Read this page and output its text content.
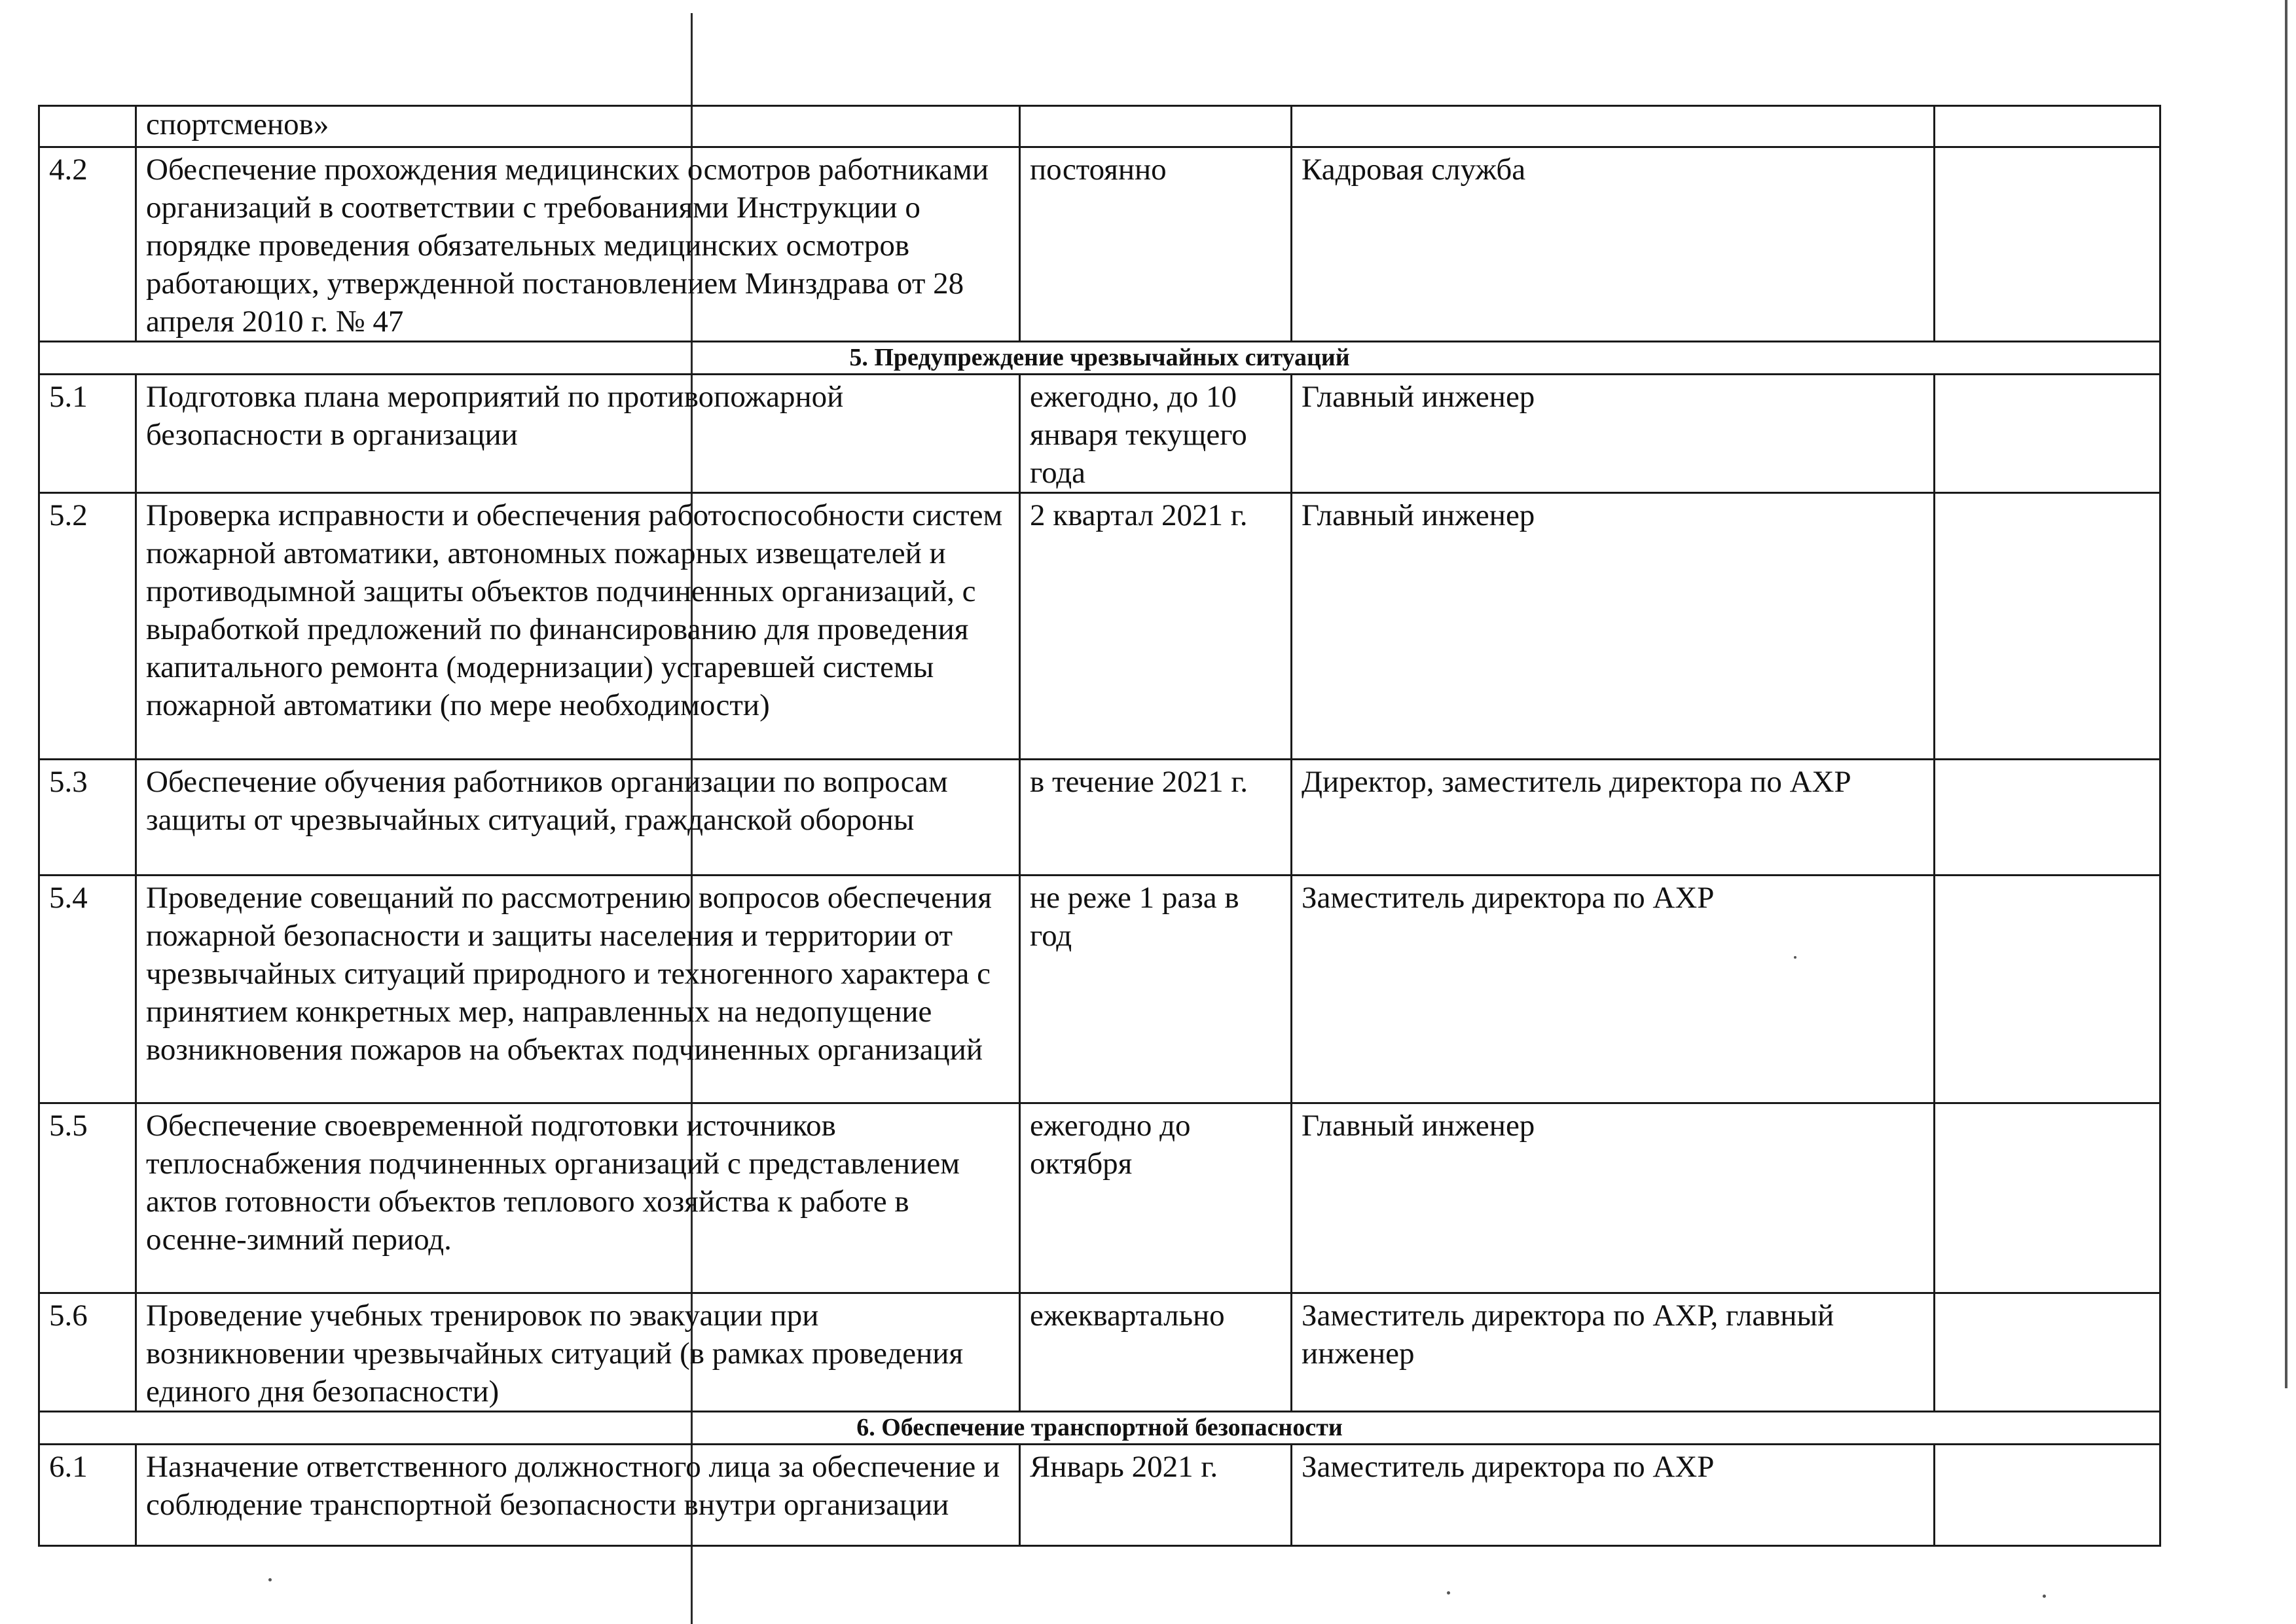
	спортсменов»			
4.2	Обеспечение прохождения медицинских осмотров работниками организаций в соответствии с требованиями Инструкции о порядке проведения обязательных медицинских осмотров работающих, утвержденной постановлением Минздрава от 28 апреля 2010 г. № 47	постоянно	Кадровая служба	
5. Предупреждение чрезвычайных ситуаций				
5.1	Подготовка плана мероприятий по противопожарной безопасности в организации	ежегодно, до 10 января текущего года	Главный инженер	
5.2	Проверка исправности и обеспечения работоспособности систем пожарной автоматики, автономных пожарных извещателей и противодымной защиты объектов подчиненных организаций, с выработкой предложений по финансированию для проведения капитального ремонта (модернизации) устаревшей системы пожарной автоматики (по мере необходимости)	2 квартал 2021 г.	Главный инженер	
5.3	Обеспечение обучения работников организации по вопросам защиты от чрезвычайных ситуаций, гражданской обороны	в течение 2021 г.	Директор, заместитель директора по АХР	
5.4	Проведение совещаний по рассмотрению вопросов обеспечения пожарной безопасности и защиты населения и территории от чрезвычайных ситуаций природного и техногенного характера с принятием конкретных мер, направленных на недопущение возникновения пожаров на объектах подчиненных организаций	не реже 1 раза в год	Заместитель директора по АХР	
5.5	Обеспечение своевременной подготовки источников теплоснабжения подчиненных организаций с представлением актов готовности объектов теплового хозяйства к работе в осенне-зимний период.	ежегодно до октября	Главный инженер	
5.6	Проведение учебных тренировок по эвакуации при возникновении чрезвычайных ситуаций (в рамках проведения единого дня безопасности)	ежеквартально	Заместитель директора по АХР, главный инженер	
6. Обеспечение транспортной безопасности				
6.1	Назначение ответственного должностного лица за обеспечение и соблюдение транспортной безопасности внутри организации	Январь 2021 г.	Заместитель директора по АХР	
